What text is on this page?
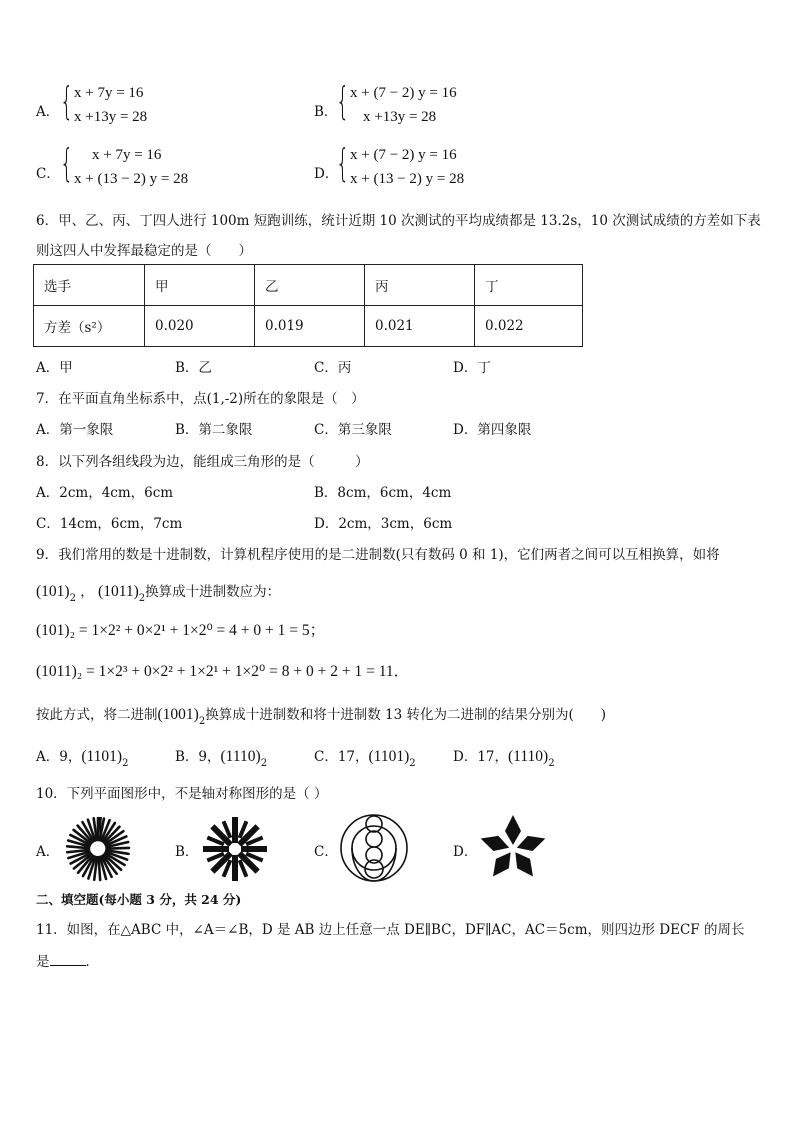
A． { x + 7y = 16
x +13y = 28	B．
{ x + (7 − 2) y = 16
x +13y = 28
C． { x + 7y = 16
x + (13 − 2) y = 28	D．
{ x + (7 − 2) y = 16
x + (13 − 2) y = 28
6．甲、乙、丙、丁四人进行 100m 短跑训练，统计近期 10 次测试的平均成绩都是 13.2s，10 次测试成绩的方差如下表
则这四人中发挥最稳定的是（　　）
选手	甲	乙	丙	丁
方差（s²）	0.020	0.019	0.021	0.022
A．甲	B．乙	C．丙	D．丁
7．在平面直角坐标系中，点(1,-2)所在的象限是（　）
A．第一象限	B．第二象限	C．第三象限	D．第四象限
8．以下列各组线段为边，能组成三角形的是（　　　）
A．2cm，4cm，6cm	B．8cm，6cm，4cm
C．14cm，6cm，7cm	D．2cm，3cm，6cm
9．我们常用的数是十进制数，计算机程序使用的是二进制数(只有数码 0 和 1)，它们两者之间可以互相换算，如将
$(101)_2$ ， $(1011)_2$换算成十进制数应为：
(101)₂ = 1×2² + 0×2¹ + 1×2⁰ = 4 + 0 + 1 = 5；
(1011)₂ = 1×2³ + 0×2² + 1×2¹ + 1×2⁰ = 8 + 0 + 2 + 1 = 11．
按此方式，将二进制$(1001)_2$换算成十进制数和将十进制数 13 转化为二进制的结果分别为(　　)
A．9，$(1101)_2$	B．9，$(1110)_2$	C．17，$(1101)_2$	D．17，$(1110)_2$
10．下列平面图形中，不是轴对称图形的是（ ）
A．	B．	C．	D．
二、填空题(每小题 3 分，共 24 分)
11．如图，在△ABC 中，∠A＝∠B，D 是 AB 边上任意一点 DE∥BC，DF∥AC，AC＝5cm，则四边形 DECF 的周长
是	．
